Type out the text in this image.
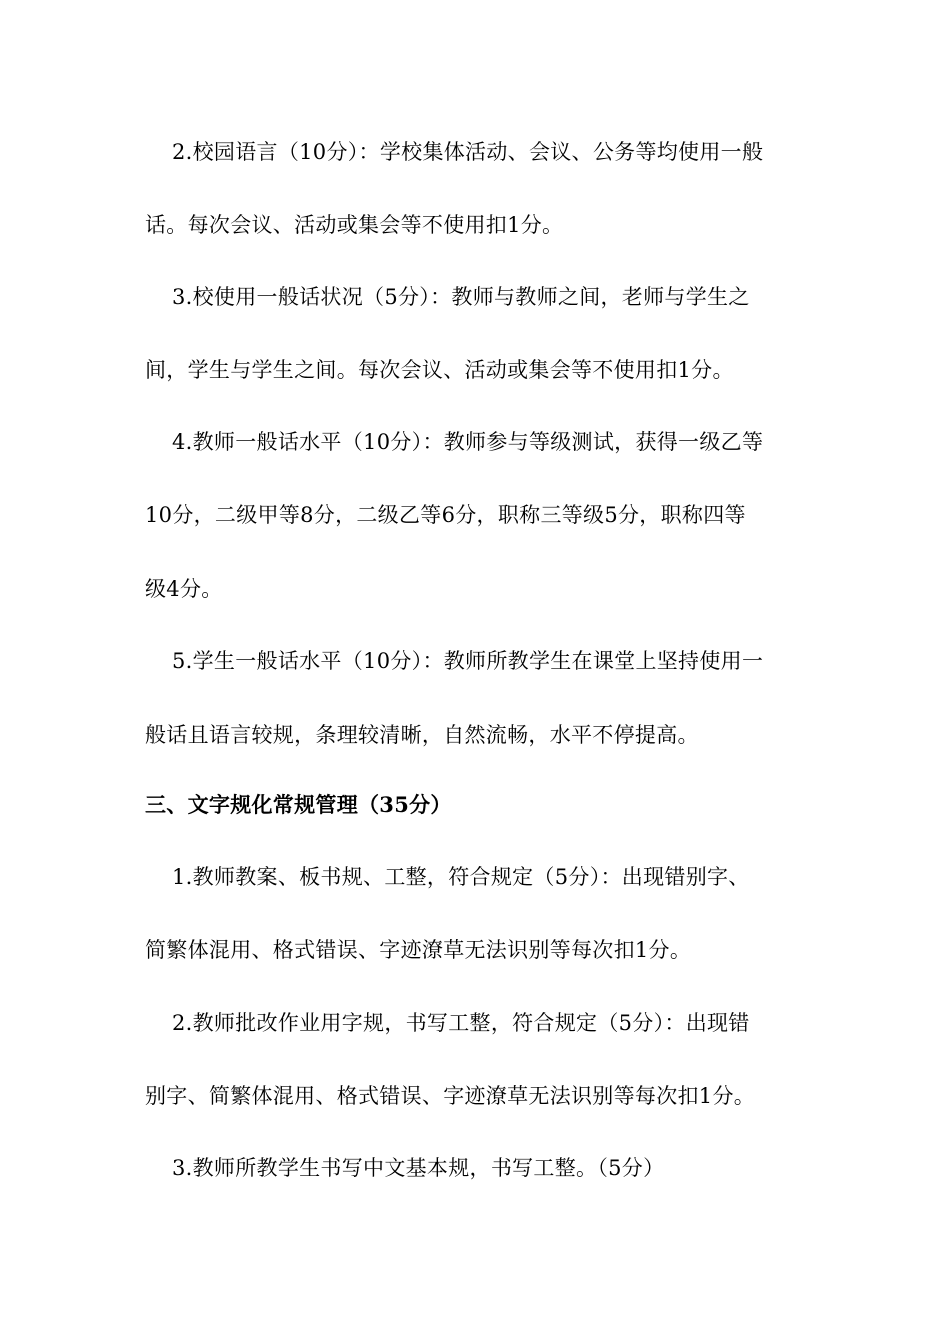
2.校园语言（10分）：学校集体活动、会议、公务等均使用一般
话。每次会议、活动或集会等不使用扣1分。
3.校使用一般话状况（5分）：教师与教师之间，老师与学生之
间，学生与学生之间。每次会议、活动或集会等不使用扣1分。
4.教师一般话水平（10分）：教师参与等级测试，获得一级乙等
10分，二级甲等8分，二级乙等6分，职称三等级5分，职称四等
级4分。
5.学生一般话水平（10分）：教师所教学生在课堂上坚持使用一
般话且语言较规，条理较清晰，自然流畅，水平不停提高。
三、文字规化常规管理（35分）
1.教师教案、板书规、工整，符合规定（5分）：出现错别字、
简繁体混用、格式错误、字迹潦草无法识别等每次扣1分。
2.教师批改作业用字规，书写工整，符合规定（5分）：出现错
别字、简繁体混用、格式错误、字迹潦草无法识别等每次扣1分。
3.教师所教学生书写中文基本规，书写工整。（5分）
